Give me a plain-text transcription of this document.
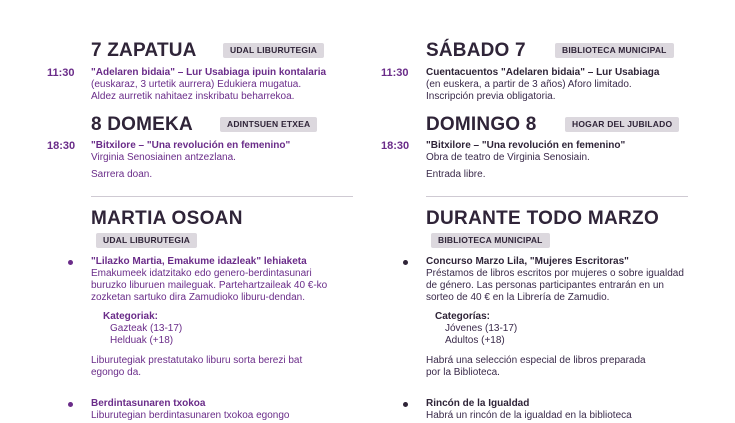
7 ZAPATUA	UDAL LIBURUTEGIA
11:30 "Adelaren bidaia" – Lur Usabiaga ipuin kontalaria
(euskaraz, 3 urtetik aurrera) Edukiera mugatua.
Aldez aurretik nahitaez inskribatu beharrekoa.
8 DOMEKA	ADINTSUEN ETXEA
18:30 "Bitxilore – "Una revolución en femenino"
Virginia Senosiainen antzezlana.
Sarrera doan.
MARTIA OSOAN
UDAL LIBURUTEGIA
"Lilazko Martia, Emakume idazleak" lehiaketa
Emakumeek idatzitako edo genero-berdintasunari
buruzko liburuen maileguak. Partehartzaileak 40 €-ko
zozketan sartuko dira Zamudioko liburu-dendan.
Kategoriak:
Gazteak (13-17)
Helduak (+18)
Liburutegiak prestatutako liburu sorta berezi bat
egongo da.
Berdintasunaren txokoa
Liburutegian berdintasunaren txokoa egongo
SÁBADO 7	BIBLIOTECA MUNICIPAL
11:30 Cuentacuentos "Adelaren bidaia" – Lur Usabiaga
(en euskera, a partir de 3 años) Aforo limitado.
Inscripción previa obligatoria.
DOMINGO 8	HOGAR DEL JUBILADO
18:30 "Bitxilore – "Una revolución en femenino"
Obra de teatro de Virginia Senosiain.
Entrada libre.
DURANTE TODO MARZO
BIBLIOTECA MUNICIPAL
Concurso Marzo Lila, "Mujeres Escritoras"
Préstamos de libros escritos por mujeres o sobre igualdad
de género. Las personas participantes entrarán en un
sorteo de 40 € en la Librería de Zamudio.
Categorías:
Jóvenes (13-17)
Adultos (+18)
Habrá una selección especial de libros preparada
por la Biblioteca.
Rincón de la Igualdad
Habrá un rincón de la igualdad en la biblioteca
